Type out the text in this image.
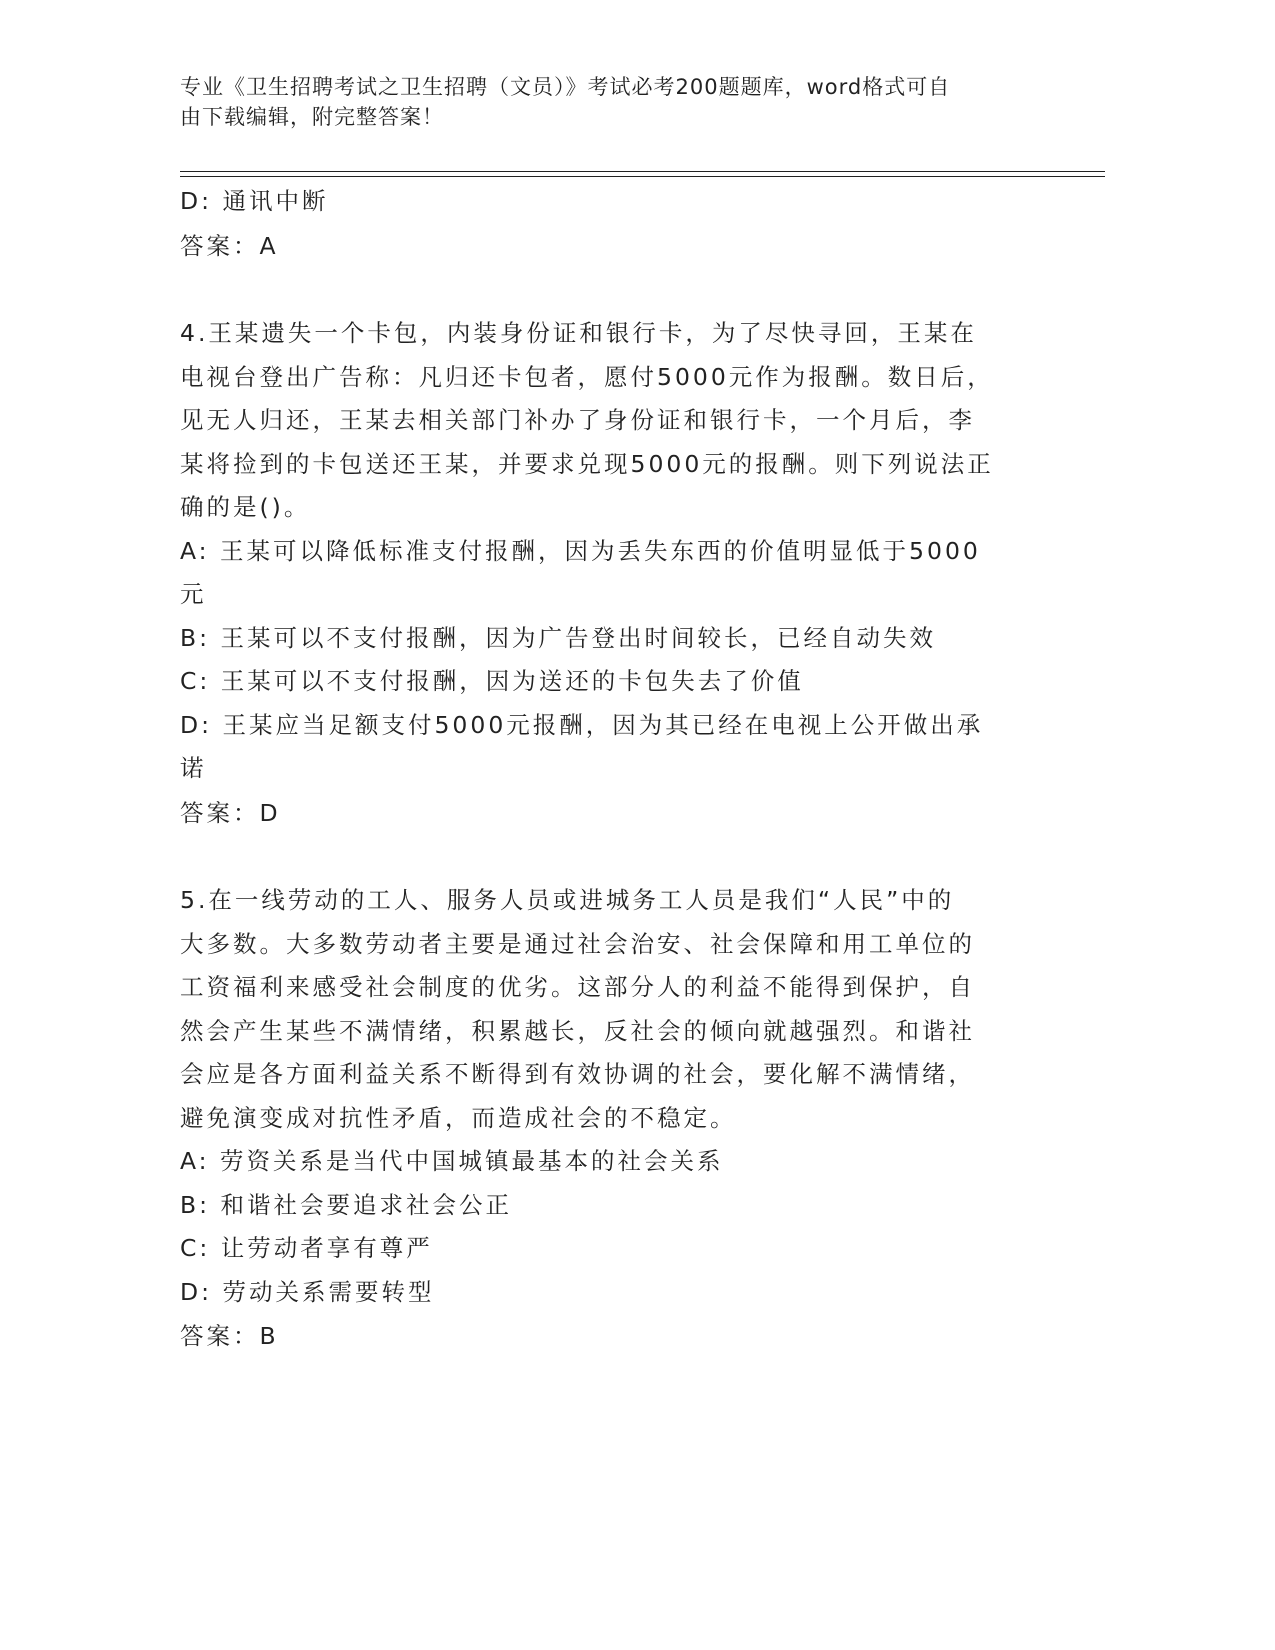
专业《卫生招聘考试之卫生招聘（文员）》考试必考200题题库，word格式可自
由下载编辑，附完整答案！
D: 通讯中断
答案：A
4.王某遗失一个卡包，内装身份证和银行卡，为了尽快寻回，王某在
电视台登出广告称：凡归还卡包者，愿付5000元作为报酬。数日后，
见无人归还，王某去相关部门补办了身份证和银行卡，一个月后，李
某将捡到的卡包送还王某，并要求兑现5000元的报酬。则下列说法正
确的是()。
A: 王某可以降低标准支付报酬，因为丢失东西的价值明显低于5000
元
B: 王某可以不支付报酬，因为广告登出时间较长，已经自动失效
C: 王某可以不支付报酬，因为送还的卡包失去了价值
D: 王某应当足额支付5000元报酬，因为其已经在电视上公开做出承
诺
答案：D
5.在一线劳动的工人、服务人员或进城务工人员是我们“人民”中的
大多数。大多数劳动者主要是通过社会治安、社会保障和用工单位的
工资福利来感受社会制度的优劣。这部分人的利益不能得到保护，自
然会产生某些不满情绪，积累越长，反社会的倾向就越强烈。和谐社
会应是各方面利益关系不断得到有效协调的社会，要化解不满情绪，
避免演变成对抗性矛盾，而造成社会的不稳定。
A: 劳资关系是当代中国城镇最基本的社会关系
B: 和谐社会要追求社会公正
C: 让劳动者享有尊严
D: 劳动关系需要转型
答案：B
